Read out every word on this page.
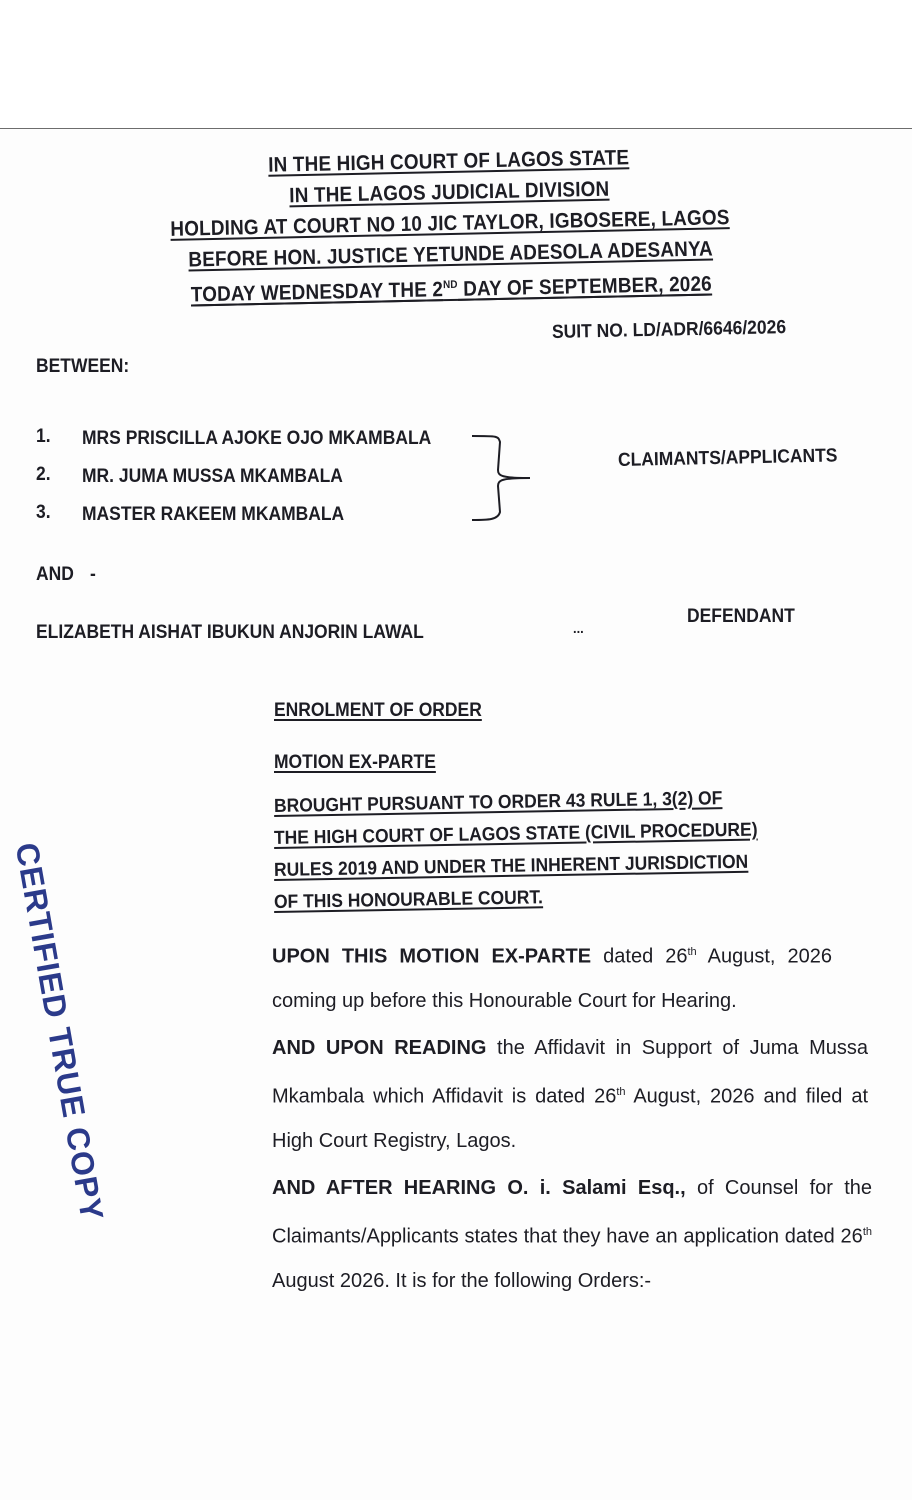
IN THE HIGH COURT OF LAGOS STATE
IN THE LAGOS JUDICIAL DIVISION
HOLDING AT COURT NO 10 JIC TAYLOR, IGBOSERE, LAGOS
BEFORE HON. JUSTICE YETUNDE ADESOLA ADESANYA
TODAY WEDNESDAY THE 2ND DAY OF SEPTEMBER, 2026
SUIT NO. LD/ADR/6646/2026
BETWEEN:
1. MRS PRISCILLA AJOKE OJO MKAMBALA
2. MR. JUMA MUSSA MKAMBALA
3. MASTER RAKEEM MKAMBALA
CLAIMANTS/APPLICANTS
AND -
ELIZABETH AISHAT IBUKUN ANJORIN LAWAL	...
DEFENDANT
ENROLMENT OF ORDER
MOTION EX-PARTE
BROUGHT PURSUANT TO ORDER 43 RULE 1, 3(2) OF
THE HIGH COURT OF LAGOS STATE (CIVIL PROCEDURE)
RULES 2019 AND UNDER THE INHERENT JURISDICTION
OF THIS HONOURABLE COURT.
UPON THIS MOTION EX-PARTE dated 26th August, 2026 coming up before this Honourable Court for Hearing.
AND UPON READING the Affidavit in Support of Juma Mussa Mkambala which Affidavit is dated 26th August, 2026 and filed at High Court Registry, Lagos.
AND AFTER HEARING O. i. Salami Esq., of Counsel for the Claimants/Applicants states that they have an application dated 26th August 2026. It is for the following Orders:-
CERTIFIED TRUE COPY
